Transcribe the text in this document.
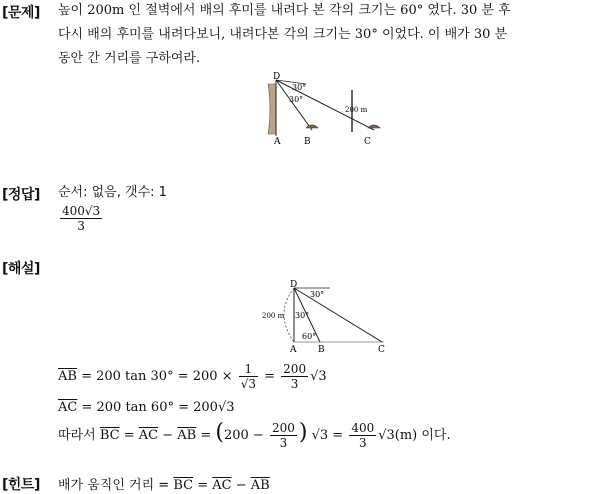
[문제] 높이 200m 인 절벽에서 배의 후미를 내려다 본 각의 크기는 60° 였다. 30 분 후
다시 배의 후미를 내려다보니, 내려다본 각의 크기는 30° 이었다. 이 배가 30 분
동안 간 거리를 구하여라.
D
30°
30°
200 m
A	B	C
[정답] 순서: 없음, 갯수: 1
$\frac{400√3}{3}$
[해설]
D
30°
30°
60°
200 m
A B	C
$\overline{AB} = 200$ $\tan 30^\circ = 200 \times \frac{1}{√3} = \frac{200}{3} √3$
$\overline{AC} = 200$ tan 60° = 200√3
따라서 $\overline{BC} = \overline{AC} - \overline{AB} = (200 - \frac{200}{3}$ ) $√3 = \frac{400}{3} √3(m)$ 이다.
[힌트] 배가 움직인 거리 = $\overline{BC} = \overline{AC} - \overline{AB}$
